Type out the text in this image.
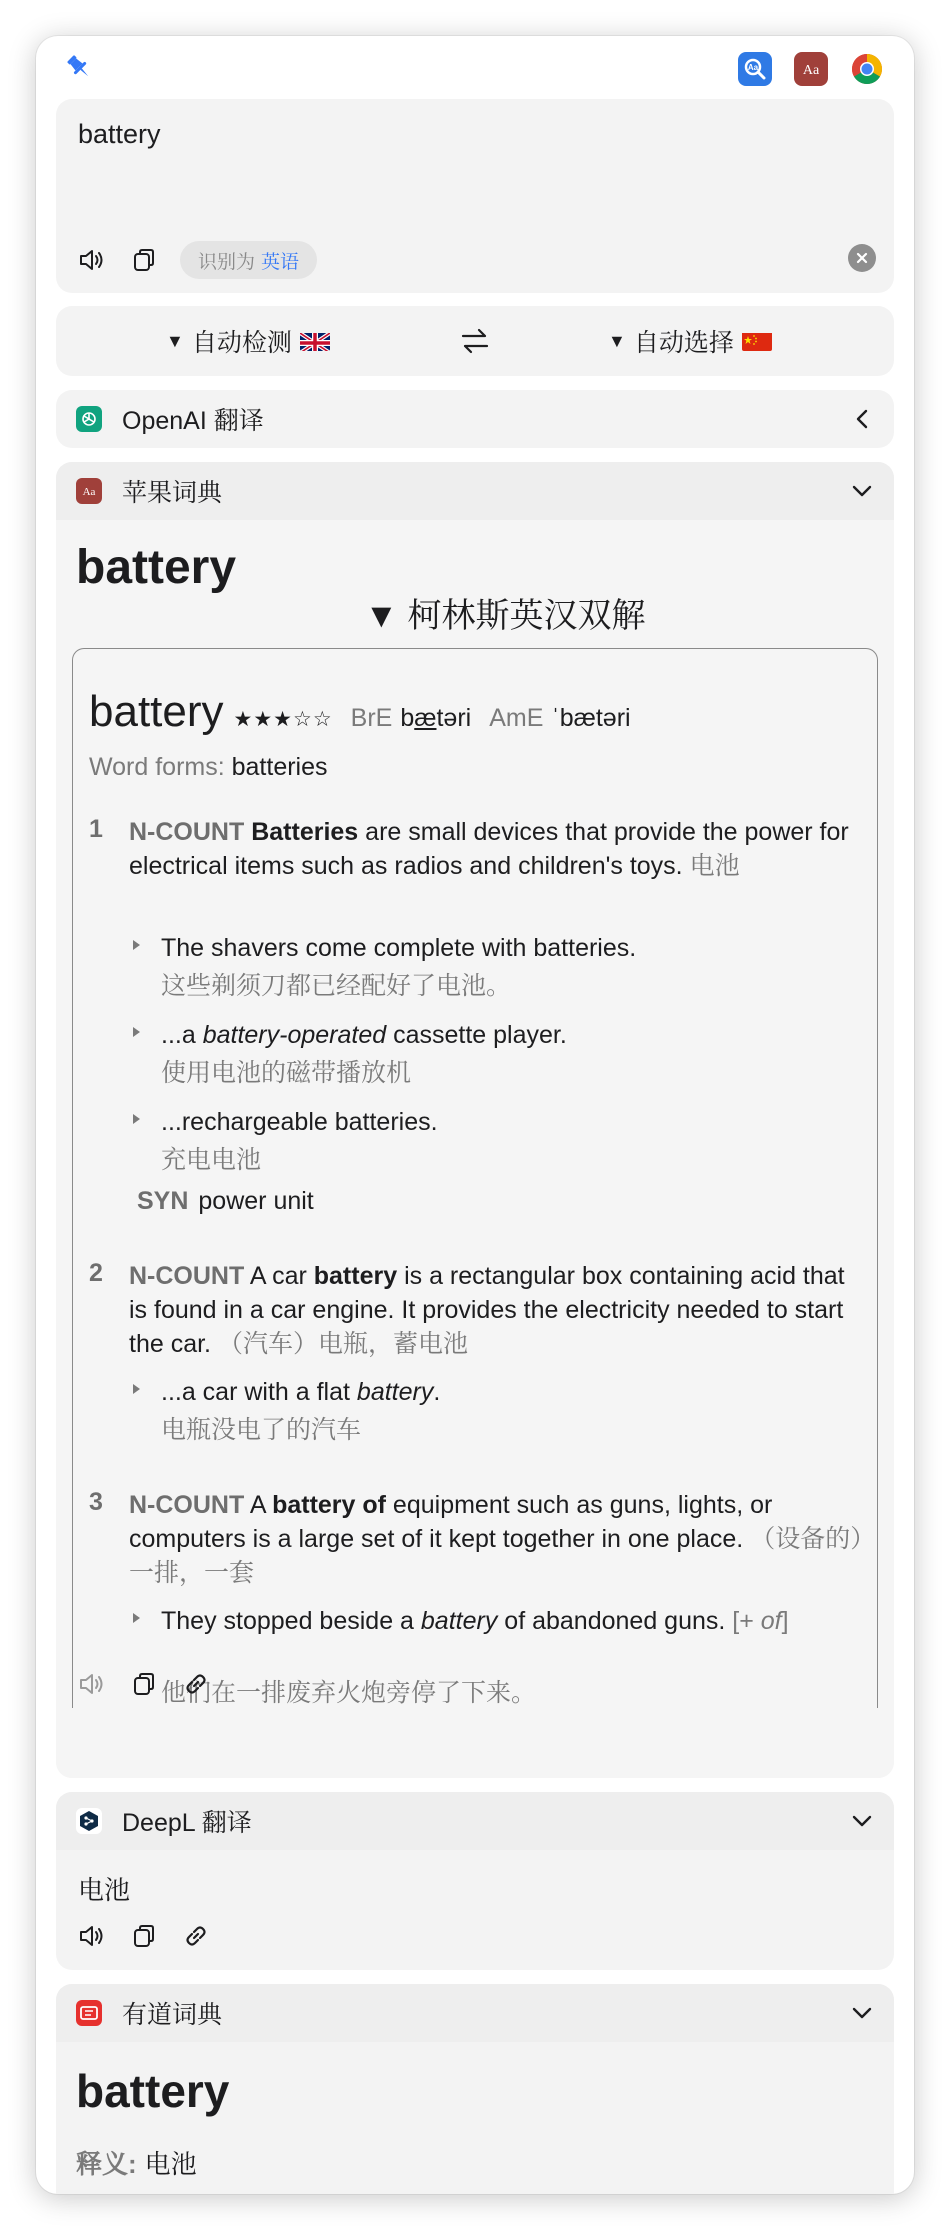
Aa	Aa
battery
识别为 英语
▼ 自动检测	▼ 自动选择
OpenAI 翻译
Aa 苹果词典
battery
▼ 柯林斯英汉双解
battery ★★★☆☆ BrE bætəri AmE ˈbætəri
Word forms: batteries
1 N-COUNT Batteries are small devices that provide the power for electrical items such as radios and children's toys. 电池
The shavers come complete with batteries.
这些剃须刀都已经配好了电池。
...a battery-operated cassette player.
使用电池的磁带播放机
...rechargeable batteries.
充电电池
SYN power unit
2 N-COUNT A car battery is a rectangular box containing acid that is found in a car engine. It provides the electricity needed to start the car. （汽车）电瓶，蓄电池
...a car with a flat battery.
电瓶没电了的汽车
3 N-COUNT A battery of equipment such as guns, lights, or computers is a large set of it kept together in one place. （设备的）一排，一套
They stopped beside a battery of abandoned guns. [+ of]
他们在一排废弃火炮旁停了下来。
DeepL 翻译
电池
有道词典
battery
释义: 电池
